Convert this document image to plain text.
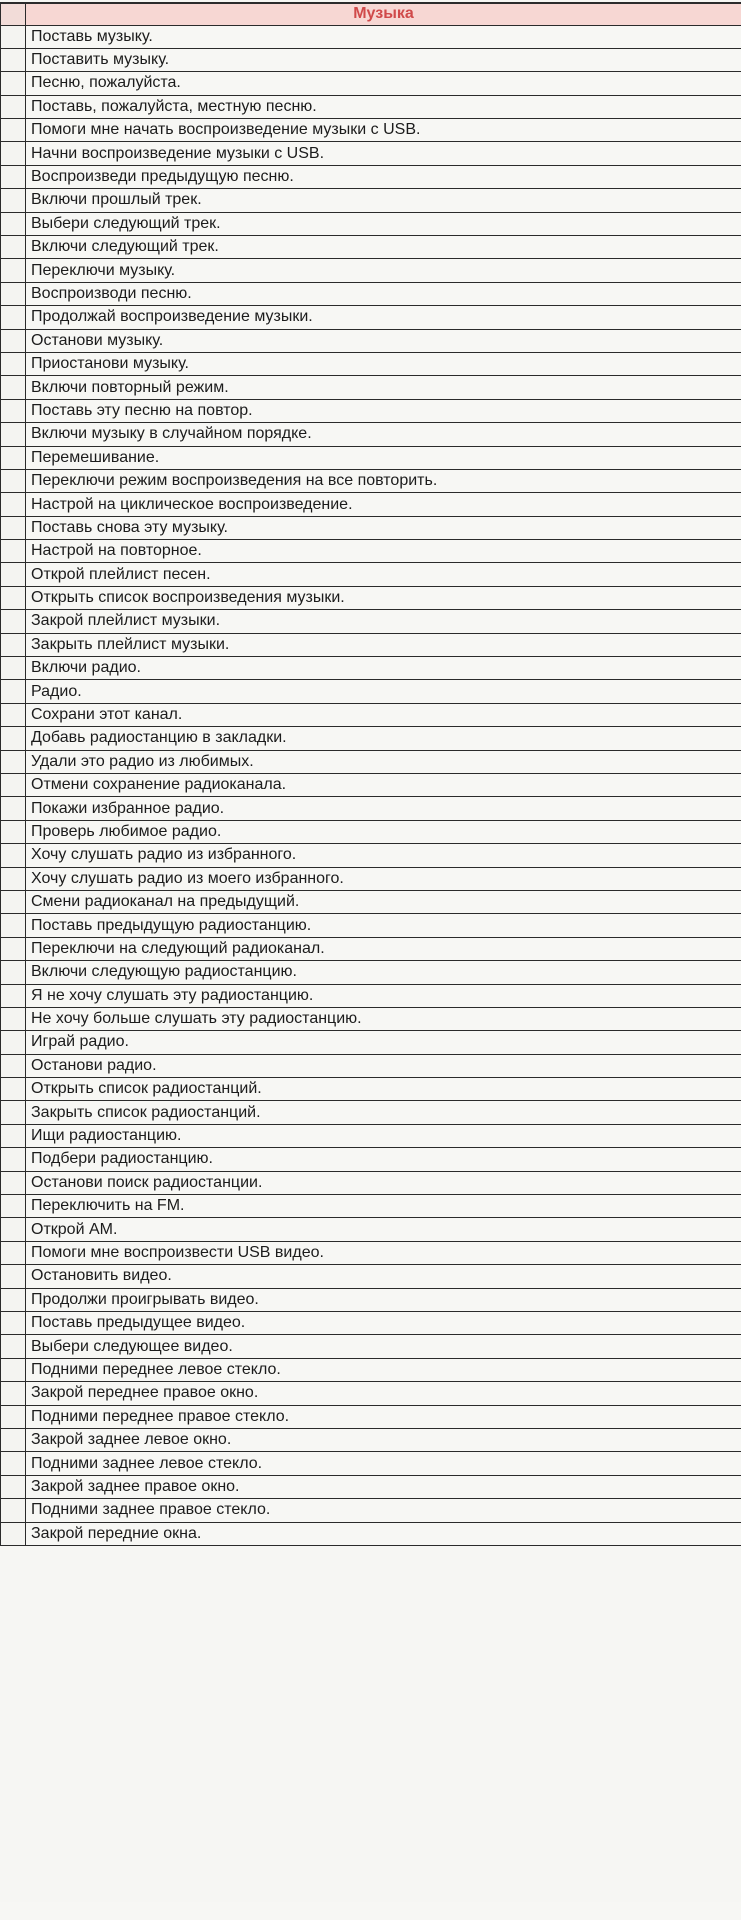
	Музыка
	Поставь музыку.
	Поставить музыку.
	Песню, пожалуйста.
	Поставь, пожалуйста, местную песню.
	Помоги мне начать воспроизведение музыки с USB.
	Начни воспроизведение музыки с USB.
	Воспроизведи предыдущую песню.
	Включи прошлый трек.
	Выбери следующий трек.
	Включи следующий трек.
	Переключи музыку.
	Воспроизводи песню.
	Продолжай воспроизведение музыки.
	Останови музыку.
	Приостанови музыку.
	Включи повторный режим.
	Поставь эту песню на повтор.
	Включи музыку в случайном порядке.
	Перемешивание.
	Переключи режим воспроизведения на все повторить.
	Настрой на циклическое воспроизведение.
	Поставь снова эту музыку.
	Настрой на повторное.
	Открой плейлист песен.
	Открыть список воспроизведения музыки.
	Закрой плейлист музыки.
	Закрыть плейлист музыки.
	Включи радио.
	Радио.
	Сохрани этот канал.
	Добавь радиостанцию в закладки.
	Удали это радио из любимых.
	Отмени сохранение радиоканала.
	Покажи избранное радио.
	Проверь любимое радио.
	Хочу слушать радио из избранного.
	Хочу слушать радио из моего избранного.
	Смени радиоканал на предыдущий.
	Поставь предыдущую радиостанцию.
	Переключи на следующий радиоканал.
	Включи следующую радиостанцию.
	Я не хочу слушать эту радиостанцию.
	Не хочу больше слушать эту радиостанцию.
	Играй радио.
	Останови радио.
	Открыть список радиостанций.
	Закрыть список радиостанций.
	Ищи радиостанцию.
	Подбери радиостанцию.
	Останови поиск радиостанции.
	Переключить на FM.
	Открой AM.
	Помоги мне воспроизвести USB видео.
	Остановить видео.
	Продолжи проигрывать видео.
	Поставь предыдущее видео.
	Выбери следующее видео.
	Подними переднее левое стекло.
	Закрой переднее правое окно.
	Подними переднее правое стекло.
	Закрой заднее левое окно.
	Подними заднее левое стекло.
	Закрой заднее правое окно.
	Подними заднее правое стекло.
	Закрой передние окна.
